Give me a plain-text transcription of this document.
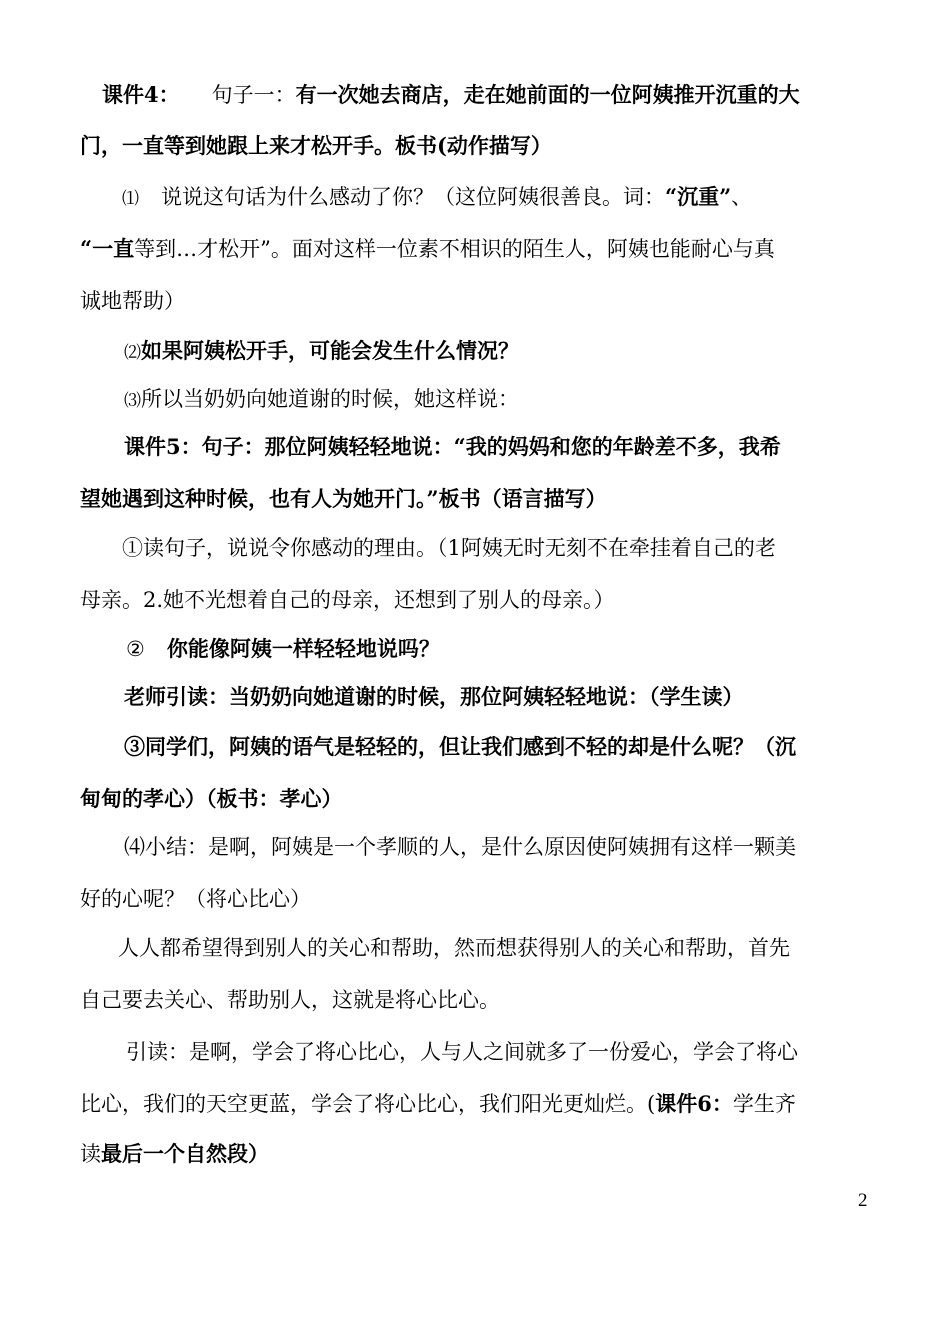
课件4： 句子一：有一次她去商店，走在她前面的一位阿姨推开沉重的大
门，一直等到她跟上来才松开手。板书(动作描写）
⑴ 说说这句话为什么感动了你？（这位阿姨很善良。词：“沉重”、
“一直等到…才松开”。面对这样一位素不相识的陌生人，阿姨也能耐心与真
诚地帮助）
⑵如果阿姨松开手，可能会发生什么情况？
⑶所以当奶奶向她道谢的时候，她这样说：
课件5：句子：那位阿姨轻轻地说：“我的妈妈和您的年龄差不多，我希
望她遇到这种时候，也有人为她开门。”板书（语言描写）
①读句子，说说令你感动的理由。（1阿姨无时无刻不在牵挂着自己的老
母亲。2.她不光想着自己的母亲，还想到了别人的母亲。）
② 你能像阿姨一样轻轻地说吗？
老师引读：当奶奶向她道谢的时候，那位阿姨轻轻地说：（学生读）
③同学们，阿姨的语气是轻轻的，但让我们感到不轻的却是什么呢？（沉
甸甸的孝心）（板书：孝心）
⑷小结：是啊，阿姨是一个孝顺的人，是什么原因使阿姨拥有这样一颗美
好的心呢？（将心比心）
人人都希望得到别人的关心和帮助，然而想获得别人的关心和帮助，首先
自己要去关心、帮助别人，这就是将心比心。
引读：是啊，学会了将心比心，人与人之间就多了一份爱心，学会了将心
比心，我们的天空更蓝，学会了将心比心，我们阳光更灿烂。(课件6：学生齐
读最后一个自然段）
2
